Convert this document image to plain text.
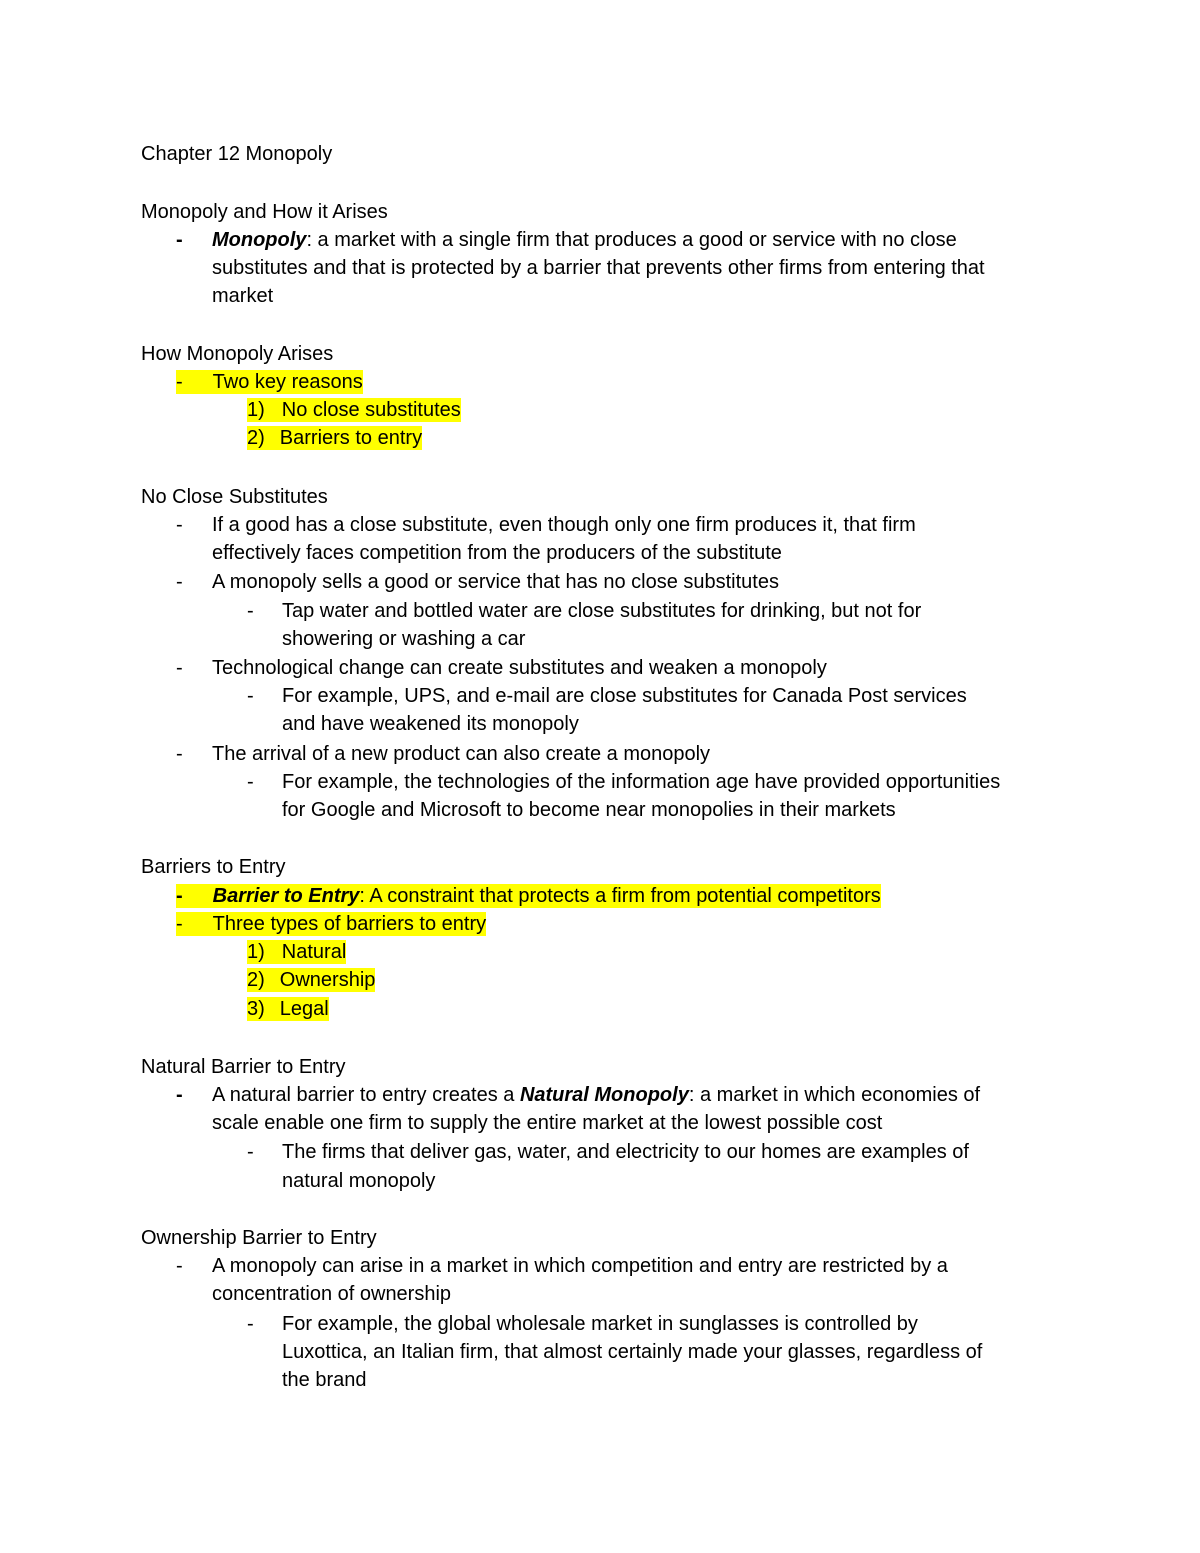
Chapter 12 Monopoly
Monopoly and How it Arises
- Monopoly: a market with a single firm that produces a good or service with no close
substitutes and that is protected by a barrier that prevents other firms from entering that
market
How Monopoly Arises
- Two key reasons
1) No close substitutes
2) Barriers to entry
No Close Substitutes
- If a good has a close substitute, even though only one firm produces it, that firm
effectively faces competition from the producers of the substitute
- A monopoly sells a good or service that has no close substitutes
- Tap water and bottled water are close substitutes for drinking, but not for
showering or washing a car
- Technological change can create substitutes and weaken a monopoly
- For example, UPS, and e-mail are close substitutes for Canada Post services
and have weakened its monopoly
- The arrival of a new product can also create a monopoly
- For example, the technologies of the information age have provided opportunities
for Google and Microsoft to become near monopolies in their markets
Barriers to Entry
- Barrier to Entry: A constraint that protects a firm from potential competitors
- Three types of barriers to entry
1) Natural
2) Ownership
3) Legal
Natural Barrier to Entry
- A natural barrier to entry creates a Natural Monopoly: a market in which economies of
scale enable one firm to supply the entire market at the lowest possible cost
- The firms that deliver gas, water, and electricity to our homes are examples of
natural monopoly
Ownership Barrier to Entry
- A monopoly can arise in a market in which competition and entry are restricted by a
concentration of ownership
- For example, the global wholesale market in sunglasses is controlled by
Luxottica, an Italian firm, that almost certainly made your glasses, regardless of
the brand
